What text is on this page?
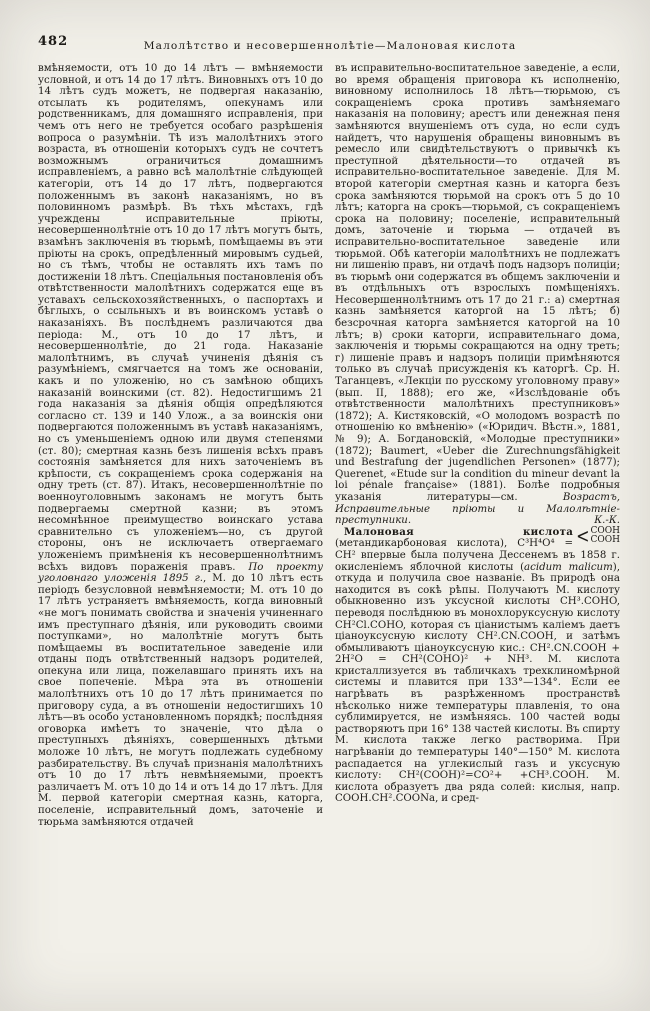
482	Малолѣтство и несовершеннолѣтіе—Малоновая кислота

вмѣняемости, отъ 10 до 14 лѣтъ — вмѣняемости условной, и отъ 14 до 17 лѣтъ. Виновныхъ отъ 10 до 14 лѣтъ судъ можетъ, не подвергая наказанію, отсылать къ родителямъ, опекунамъ или родственникамъ, для домашняго исправленія, при чемъ отъ него не требуется особаго разрѣшенія вопроса о разумѣніи. Тѣ изъ малолѣтнихъ этого возраста, въ отношеніи которыхъ судъ не сочтетъ возможнымъ ограничиться домашнимъ исправленіемъ, а равно всѣ малолѣтніе слѣдующей категоріи, отъ 14 до 17 лѣтъ, подвергаются положеннымъ въ законѣ наказаніямъ, но въ половинномъ размѣрѣ. Въ тѣхъ мѣстахъ, гдѣ учреждены исправительные пріюты, несовершеннолѣтніе отъ 10 до 17 лѣтъ могутъ быть, взамѣнъ заключенія въ тюрьмѣ, помѣщаемы въ эти пріюты на срокъ, опредѣленный мировымъ судьей, но съ тѣмъ, чтобы не оставлять ихъ тамъ по достиженіи 18 лѣтъ. Спеціальныя постановленія объ отвѣтственности малолѣтнихъ содержатся еще въ уставахъ сельскохозяйственныхъ, о паспортахъ и бѣглыхъ, о ссыльныхъ и въ воинскомъ уставѣ о наказаніяхъ. Въ послѣднемъ различаются два періода: М., отъ 10 до 17 лѣтъ, и несовершеннолѣтіе, до 21 года. Наказаніе малолѣтнимъ, въ случаѣ учиненія дѣянія съ разумѣніемъ, смягчается на томъ же основаніи, какъ и по уложенію, но съ замѣною общихъ наказаній воинскими (ст. 82). Недостигшимъ 21 года наказанія за дѣянія общія опредѣляются согласно ст. 139 и 140 Улож., а за воинскія они подвергаются положеннымъ въ уставѣ наказаніямъ, но съ уменьшеніемъ одною или двумя степенями (ст. 80); смертная казнь безъ лишенія всѣхъ правъ состоянія замѣняется для нихъ заточеніемъ въ крѣпости, съ сокращеніемъ срока содержанія на одну треть (ст. 87). Итакъ, несовершеннолѣтніе по военноуголовнымъ законамъ не могутъ быть подвергаемы смертной казни; въ этомъ несомнѣнное преимущество воинскаго устава сравнительно съ уложеніемъ—но, съ другой стороны, онъ не исключаетъ отвергаемаго уложеніемъ примѣненія къ несовершеннолѣтнимъ всѣхъ видовъ пораженія правъ. По проекту уголовнаго уложенія 1895 г., М. до 10 лѣтъ есть періодъ безусловной невмѣняемости; М. отъ 10 до 17 лѣтъ устраняетъ вмѣняемость, когда виновный «не могъ понимать свойства и значенія учиненнаго имъ преступнаго дѣянія, или руководить своими поступками», но малолѣтніе могутъ быть помѣщаемы въ воспитательное заведеніе или отданы подъ отвѣтственный надзоръ родителей, опекуна или лица, пожелавшаго принять ихъ на свое попеченіе. Мѣра эта въ отношеніи малолѣтнихъ отъ 10 до 17 лѣтъ принимается по приговору суда, а въ отношеніи недостигшихъ 10 лѣтъ—въ особо установленномъ порядкѣ; послѣдняя оговорка имѣетъ то значеніе, что дѣла о преступныхъ дѣяніяхъ, совершенныхъ дѣтьми моложе 10 лѣтъ, не могутъ подлежать судебному разбирательству. Въ случаѣ признанія малолѣтнихъ отъ 10 до 17 лѣтъ невмѣняемыми, проектъ различаетъ М. отъ 10 до 14 и отъ 14 до 17 лѣтъ. Для М. первой категоріи смертная казнь, каторга, поселеніе, исправительный домъ, заточеніе и тюрьма замѣняются отдачей

въ исправительно-воспитательное заведеніе, а если, во время обращенія приговора къ исполненію, виновному исполнилось 18 лѣтъ—тюрьмою, съ сокращеніемъ срока противъ замѣняемаго наказанія на половину; арестъ или денежная пеня замѣняются внушеніемъ отъ суда, но если судъ найдетъ, что нарушенія обращены виновнымъ въ ремесло или свидѣтельствуютъ о привычкѣ къ преступной дѣятельности—то отдачей въ исправительно-воспитательное заведеніе. Для М. второй категоріи смертная казнь и каторга безъ срока замѣняются тюрьмой на срокъ отъ 5 до 10 лѣтъ; каторга на срокъ—тюрьмой, съ сокращеніемъ срока на половину; поселеніе, исправительный домъ, заточеніе и тюрьма — отдачей въ исправительно-воспитательное заведеніе или тюрьмой. Обѣ категоріи малолѣтнихъ не подлежатъ ни лишенію правъ, ни отдачѣ подъ надзоръ полиціи; въ тюрьмѣ они содержатся въ общемъ заключеніи и въ отдѣльныхъ отъ взрослыхъ помѣщеніяхъ. Несовершеннолѣтнимъ отъ 17 до 21 г.: а) смертная казнь замѣняется каторгой на 15 лѣтъ; б) безсрочная каторга замѣняется каторгой на 10 лѣтъ; в) сроки каторги, исправительнаго дома, заключенія и тюрьмы сокращаются на одну треть; г) лишеніе правъ и надзоръ полиціи примѣняются только въ случаѣ присужденія къ каторгѣ. Ср. Н. Таганцевъ, «Лекціи по русскому уголовному праву» (вып. II, 1888); его же, «Изслѣдованіе объ отвѣтственности малолѣтнихъ преступниковъ» (1872); А. Кистяковскій, «О молодомъ возрастѣ по отношенію ко вмѣненію» («Юридич. Вѣстн.», 1881, № 9); А. Богдановскій, «Молодые преступники» (1872); Baumert, «Ueber die Zurechnungsfähigkeit und Bestrafung der jugendlichen Personen» (1877); Querenet, «Etude sur la condition du mineur devant la loi pénale française» (1881). Болѣе подробныя указанія литературы—см. Возрастъ, Исправительные пріюты и Малолѣтніе-преступники.	К.-К.

< COOH
COOH
Малоновая кислота (метандикарбоновая кислота), C³H⁴O⁴ = CH² впервые была получена Дессенемъ въ 1858 г. окисленіемъ яблочной кислоты (acidum malicum), откуда и получила свое названіе. Въ природѣ она находится въ сокѣ рѣпы. Получаютъ М. кислоту обыкновенно изъ уксусной кислоты CH³.COHO, переводя послѣднюю въ монохлоруксусную кислоту CH²Cl.COHO, которая съ ціанистымъ каліемъ даетъ ціаноуксусную кислоту CH².CN.COOH, и затѣмъ обмыливаютъ ціаноуксусную кис.: CH².CN.COOH + 2H²O = CH²(COHO)² + NH³. М. кислота кристаллизуется въ табличкахъ трехклиномѣрной системы и плавится при 133°—134°. Если ее нагрѣвать въ разрѣженномъ пространствѣ нѣсколько ниже температуры плавленія, то она сублимируется, не измѣняясь. 100 частей воды растворяютъ при 16° 138 частей кислоты. Въ спирту М. кислота также легко растворима. При нагрѣваніи до температуры 140°—150° М. кислота распадается на углекислый газъ и уксусную кислоту: CH²(COOH)²=CO²+ +CH³.COOH. М. кислота образуетъ два ряда солей: кислыя, напр. COOH.CH².COONa, и сред-
